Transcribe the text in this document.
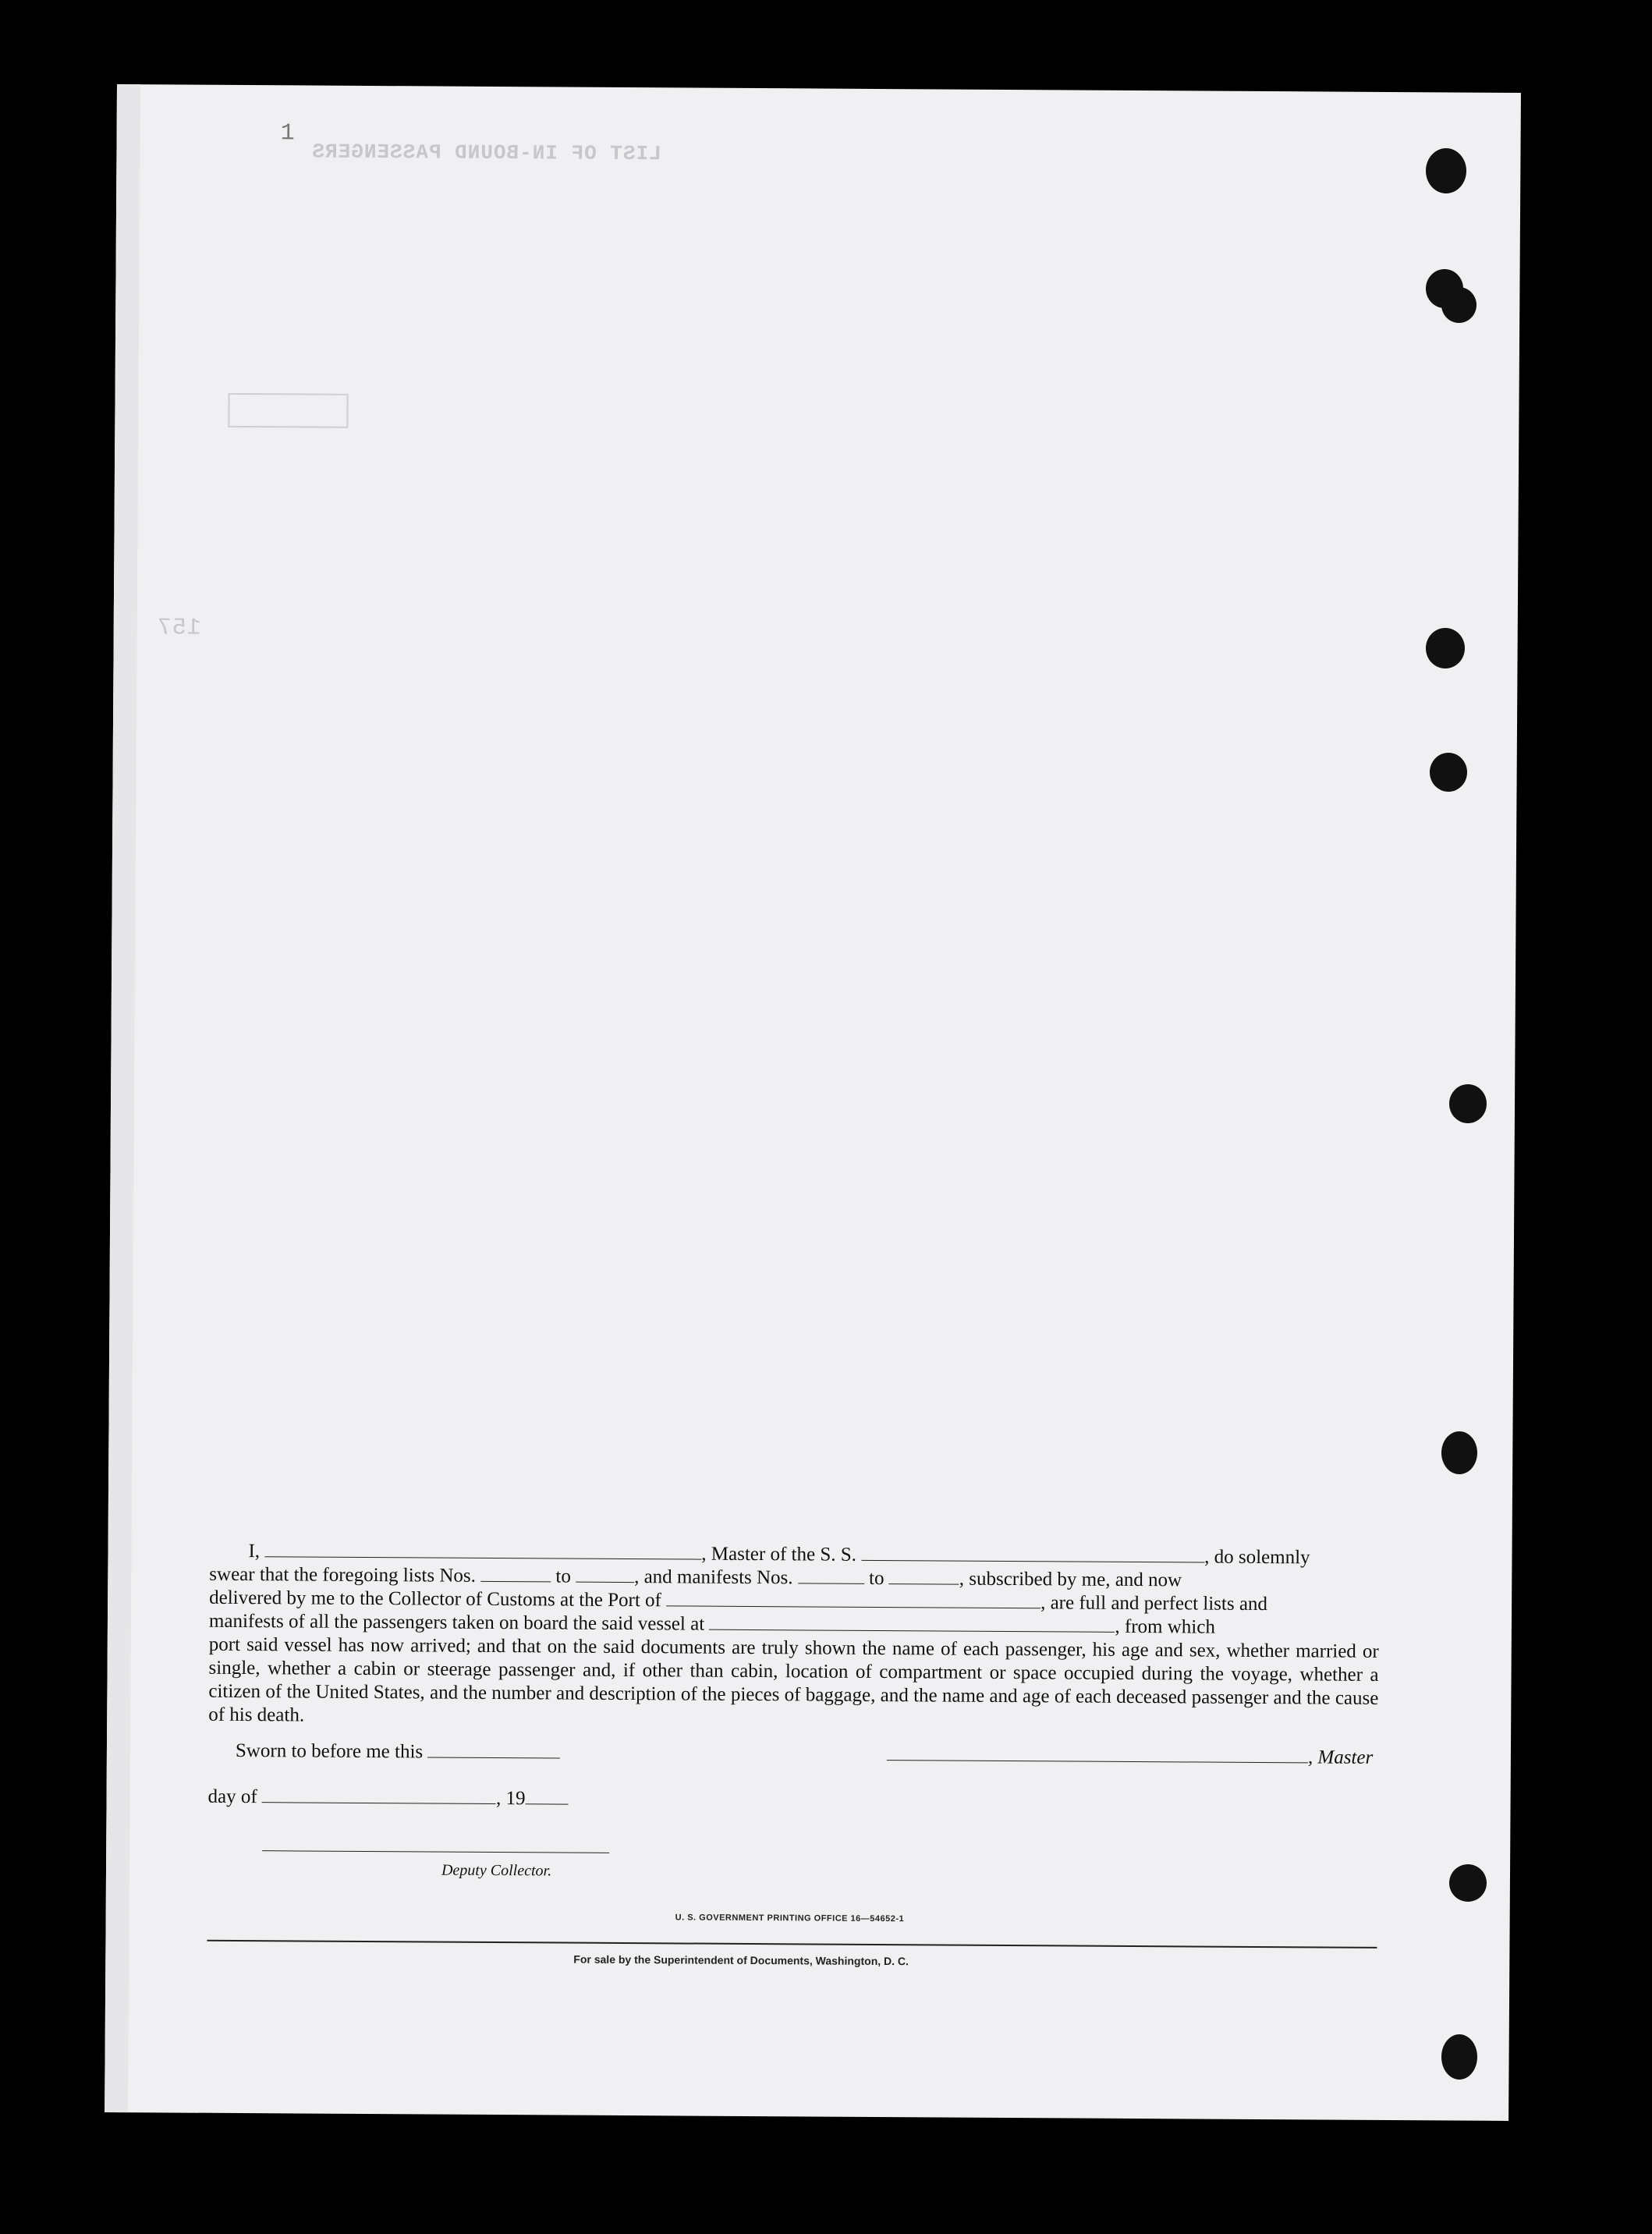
1
LIST OF IN-BOUND PASSENGERS
157
I,	, Master of the S. S.	, do solemnly
swear that the foregoing lists Nos.	to	, and manifests Nos.	to	, subscribed by me, and now
delivered by me to the Collector of Customs at the Port of	, are full and perfect lists and
manifests of all the passengers taken on board the said vessel at	, from which
port said vessel has now arrived; and that on the said documents are truly shown the name of each passenger, his age and sex, whether married or single, whether a cabin or steerage passenger and, if other than cabin, location of compartment or space occupied during the voyage, whether a citizen of the United States, and the number and description of the pieces of baggage, and the name and age of each deceased passenger and the cause of his death.
Sworn to before me this	, Master
day of	, 19
Deputy Collector.
U. S. GOVERNMENT PRINTING OFFICE 16—54652-1
For sale by the Superintendent of Documents, Washington, D. C.
